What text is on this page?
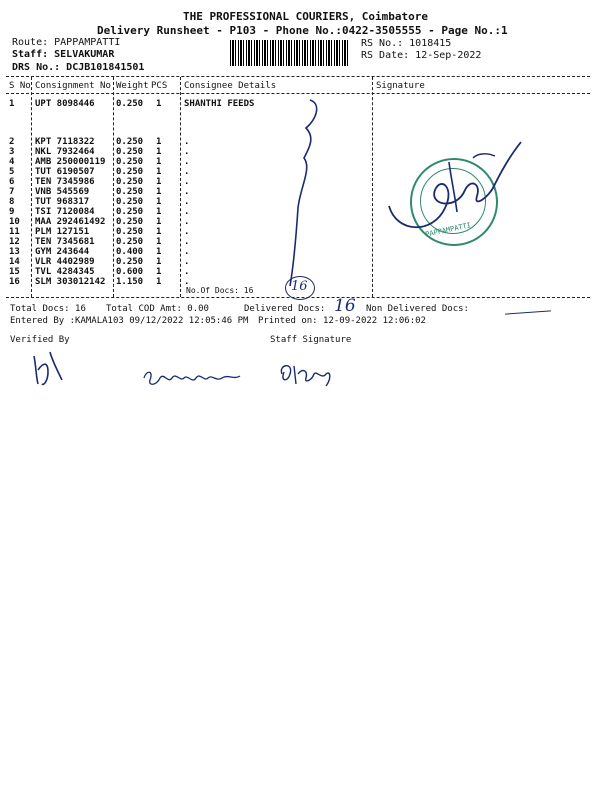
THE PROFESSIONAL COURIERS, Coimbatore
Delivery Runsheet - P103 - Phone No.:0422-3505555 - Page No.:1
Route: PAPPAMPATTI
Staff: SELVAKUMAR
DRS No.: DCJB101841501
RS No.: 1018415
RS Date: 12-Sep-2022
S No Consignment No Weight PCS Consignee Details	Signature
1 UPT 8098446 0.250 1	SHANTHI FEEDS
2 KPT 7118322 0.250 1	.
3 NKL 7932464 0.250 1	.
4 AMB 250000119 0.250 1	.
5 TUT 6190507 0.250 1	.
6 TEN 7345986 0.250 1	.
7 VNB 545569	0.250 1	.
8 TUT 968317	0.250 1	.
9 TSI 7120084 0.250 1	.
10 MAA 292461492 0.250 1	.
11 PLM 127151	0.250 1	.
12 TEN 7345681 0.250 1	.
13 GYM 243644	0.400 1	.
14 VLR 4402989 0.250 1	.
15 TVL 4284345 0.600 1	.
16 SLM 303012142 1.150 1	.
No.Of Docs: 16	16
PAPPAMPATTI
Total Docs: 16 Total COD Amt: 0.00	Delivered Docs: 16 Non Delivered Docs:
Entered By :KAMALA103 09/12/2022 12:05:46 PM Printed on: 12-09-2022 12:06:02
Verified By	Staff Signature
